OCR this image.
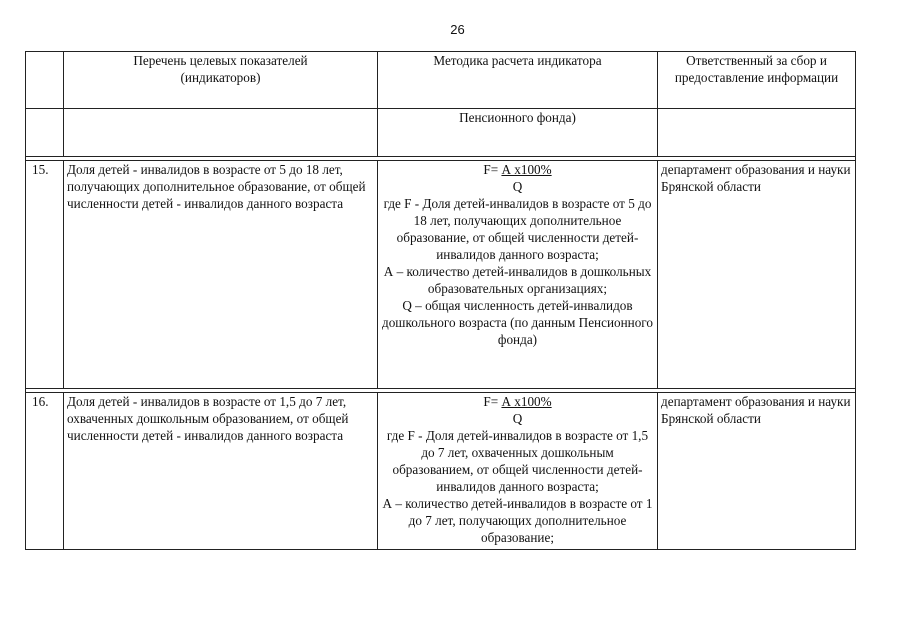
26

	Перечень целевых показателей (индикаторов)	Методика расчета индикатора	Ответственный за сбор и предоставление информации

		Пенсионного фонда)	

15.	Доля детей - инвалидов в возрасте от 5 до 18 лет, получающих дополнительное образование, от общей численности детей - инвалидов данного возраста	F= А х100%
Q
где F - Доля детей-инвалидов в возрасте от 5 до 18 лет, получающих дополнительное образование, от общей численности детей-инвалидов данного возраста;
А – количество детей-инвалидов в дошкольных образовательных организациях;
Q – общая численность детей-инвалидов дошкольного возраста (по данным Пенсионного фонда)	департамент образования и науки Брянской области

16.	Доля детей - инвалидов в возрасте от 1,5 до 7 лет, охваченных дошкольным образованием, от общей численности детей - инвалидов данного возраста	F= А х100%
Q
где F - Доля детей-инвалидов в возрасте от 1,5 до 7 лет, охваченных дошкольным образованием, от общей численности детей-инвалидов данного возраста;
А – количество детей-инвалидов в возрасте от 1 до 7 лет, получающих дополнительное образование;	департамент образования и науки Брянской области
